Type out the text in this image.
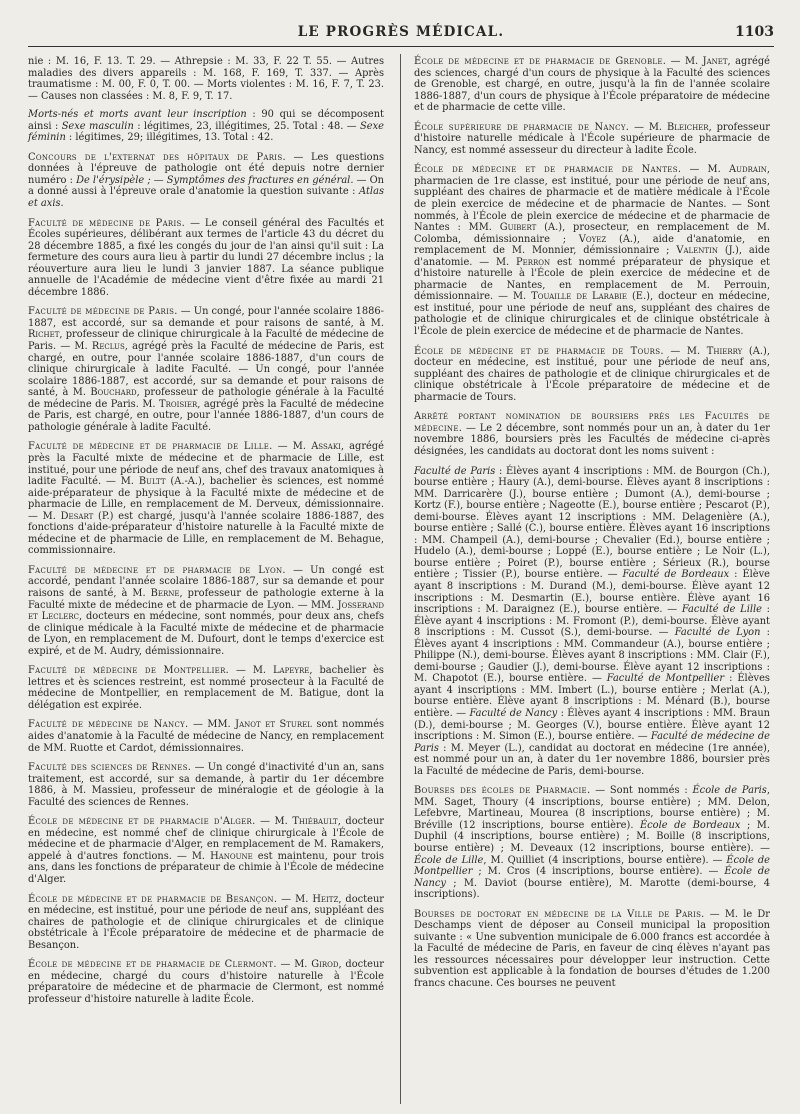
LE PROGRÈS MÉDICAL.	1103

nie : M. 16, F. 13. T. 29. — Athrepsie : M. 33, F. 22 T. 55. — Autres maladies des divers appareils : M. 168, F. 169, T. 337. — Après traumatisme : M. 00, F. 0, T. 00. — Morts violentes : M. 16, F. 7, T. 23. — Causes non classées : M. 8, F. 9, T. 17.

Morts-nés et morts avant leur inscription : 90 qui se décomposent ainsi : Sexe masculin : légitimes, 23, illégitimes, 25. Total : 48. — Sexe féminin : légitimes, 29; illégitimes, 13. Total : 42.

Concours de l'externat des hôpitaux de Paris. — Les questions données à l'épreuve de pathologie ont été depuis notre dernier numéro : De l'érysipèle ; — Symptômes des fractures en général. — On a donné aussi à l'épreuve orale d'anatomie la question suivante : Atlas et axis.

Faculté de médecine de Paris. — Le conseil général des Facultés et Écoles supérieures, délibérant aux termes de l'article 43 du décret du 28 décembre 1885, a fixé les congés du jour de l'an ainsi qu'il suit : La fermeture des cours aura lieu à partir du lundi 27 décembre inclus ; la réouverture aura lieu le lundi 3 janvier 1887. La séance publique annuelle de l'Académie de médecine vient d'être fixée au mardi 21 décembre 1886.

Faculté de médecine de Paris. — Un congé, pour l'année scolaire 1886-1887, est accordé, sur sa demande et pour raisons de santé, à M. Richet, professeur de clinique chirurgicale à la Faculté de médecine de Paris. — M. Reclus, agrégé près la Faculté de médecine de Paris, est chargé, en outre, pour l'année scolaire 1886-1887, d'un cours de clinique chirurgicale à ladite Faculté. — Un congé, pour l'année scolaire 1886-1887, est accordé, sur sa demande et pour raisons de santé, à M. Bouchard, professeur de pathologie générale à la Faculté de médecine de Paris. M. Troisier, agrégé près la Faculté de médecine de Paris, est chargé, en outre, pour l'année 1886-1887, d'un cours de pathologie générale à ladite Faculté.

Faculté de médecine et de pharmacie de Lille. — M. Assaki, agrégé près la Faculté mixte de médecine et de pharmacie de Lille, est institué, pour une période de neuf ans, chef des travaux anatomiques à ladite Faculté. — M. Bultt (A.-A.), bachelier ès sciences, est nommé aide-préparateur de physique à la Faculté mixte de médecine et de pharmacie de Lille, en remplacement de M. Derveux, démissionnaire. — M. Desart (P.) est chargé, jusqu'à l'année scolaire 1886-1887, des fonctions d'aide-préparateur d'histoire naturelle à la Faculté mixte de médecine et de pharmacie de Lille, en remplacement de M. Behague, commissionnaire.

Faculté de médecine et de pharmacie de Lyon. — Un congé est accordé, pendant l'année scolaire 1886-1887, sur sa demande et pour raisons de santé, à M. Berne, professeur de pathologie externe à la Faculté mixte de médecine et de pharmacie de Lyon. — MM. Josserand et Leclerc, docteurs en médecine, sont nommés, pour deux ans, chefs de clinique médicale à la Faculté mixte de médecine et de pharmacie de Lyon, en remplacement de M. Dufourt, dont le temps d'exercice est expiré, et de M. Audry, démissionnaire.

Faculté de médecine de Montpellier. — M. Lapeyre, bachelier ès lettres et ès sciences restreint, est nommé prosecteur à la Faculté de médecine de Montpellier, en remplacement de M. Batigue, dont la délégation est expirée.

Faculté de médecine de Nancy. — MM. Janot et Sturel sont nommés aides d'anatomie à la Faculté de médecine de Nancy, en remplacement de MM. Ruotte et Cardot, démissionnaires.

Faculté des sciences de Rennes. — Un congé d'inactivité d'un an, sans traitement, est accordé, sur sa demande, à partir du 1er décembre 1886, à M. Massieu, professeur de minéralogie et de géologie à la Faculté des sciences de Rennes.

École de médecine et de pharmacie d'Alger. — M. Thiébault, docteur en médecine, est nommé chef de clinique chirurgicale à l'École de médecine et de pharmacie d'Alger, en remplacement de M. Ramakers, appelé à d'autres fonctions. — M. Hanoune est maintenu, pour trois ans, dans les fonctions de préparateur de chimie à l'École de médecine d'Alger.

École de médecine et de pharmacie de Besançon. — M. Heitz, docteur en médecine, est institué, pour une période de neuf ans, suppléant des chaires de pathologie et de clinique chirurgicales et de clinique obstétricale à l'École préparatoire de médecine et de pharmacie de Besançon.

École de médecine et de pharmacie de Clermont. — M. Girod, docteur en médecine, chargé du cours d'histoire naturelle à l'École préparatoire de médecine et de pharmacie de Clermont, est nommé professeur d'histoire naturelle à ladite École.

École de médecine et de pharmacie de Grenoble. — M. Janet, agrégé des sciences, chargé d'un cours de physique à la Faculté des sciences de Grenoble, est chargé, en outre, jusqu'à la fin de l'année scolaire 1886-1887, d'un cours de physique à l'École préparatoire de médecine et de pharmacie de cette ville.

École supérieure de pharmacie de Nancy. — M. Bleicher, professeur d'histoire naturelle médicale à l'École supérieure de pharmacie de Nancy, est nommé assesseur du directeur à ladite École.

École de médecine et de pharmacie de Nantes. — M. Audrain, pharmacien de 1re classe, est institué, pour une période de neuf ans, suppléant des chaires de pharmacie et de matière médicale à l'École de plein exercice de médecine et de pharmacie de Nantes. — Sont nommés, à l'École de plein exercice de médecine et de pharmacie de Nantes : MM. Guibert (A.), prosecteur, en remplacement de M. Colomba, démissionnaire ; Voyez (A.), aide d'anatomie, en remplacement de M. Monnier, démissionnaire ; Valentin (J.), aide d'anatomie. — M. Perron est nommé préparateur de physique et d'histoire naturelle à l'École de plein exercice de médecine et de pharmacie de Nantes, en remplacement de M. Perrouin, démissionnaire. — M. Touaille de Larabie (E.), docteur en médecine, est institué, pour une période de neuf ans, suppléant des chaires de pathologie et de clinique chirurgicales et de clinique obstétricale à l'École de plein exercice de médecine et de pharmacie de Nantes.

École de médecine et de pharmacie de Tours. — M. Thierry (A.), docteur en médecine, est institué, pour une période de neuf ans, suppléant des chaires de pathologie et de clinique chirurgicales et de clinique obstétricale à l'École préparatoire de médecine et de pharmacie de Tours.

Arrêté portant nomination de boursiers près les Facultés de médecine. — Le 2 décembre, sont nommés pour un an, à dater du 1er novembre 1886, boursiers près les Facultés de médecine ci-après désignées, les candidats au doctorat dont les noms suivent :

Faculté de Paris : Élèves ayant 4 inscriptions : MM. de Bourgon (Ch.), bourse entière ; Haury (A.), demi-bourse. Élèves ayant 8 inscriptions : MM. Darricarère (J.), bourse entière ; Dumont (A.), demi-bourse ; Kortz (F.), bourse entière ; Nageotte (E.), bourse entière ; Pescarot (P.), demi-bourse. Élèves ayant 12 inscriptions : MM. Delagenière (A.), bourse entière ; Sallé (C.), bourse entière. Élèves ayant 16 inscriptions : MM. Champeil (A.), demi-bourse ; Chevalier (Ed.), bourse entière ; Hudelo (A.), demi-bourse ; Loppé (E.), bourse entière ; Le Noir (L.), bourse entière ; Poiret (P.), bourse entière ; Sérieux (R.), bourse entière ; Tissier (P.), bourse entière. — Faculté de Bordeaux : Élève ayant 8 inscriptions : M. Durand (M.), demi-bourse. Élève ayant 12 inscriptions : M. Desmartin (E.), bourse entière. Élève ayant 16 inscriptions : M. Daraignez (E.), bourse entière. — Faculté de Lille : Élève ayant 4 inscriptions : M. Fromont (P.), demi-bourse. Élève ayant 8 inscriptions : M. Cussot (S.), demi-bourse. — Faculté de Lyon : Élèves ayant 4 inscriptions : MM. Commandeur (A.), bourse entière ; Philippe (N.), demi-bourse. Élèves ayant 8 inscriptions : MM. Clair (F.), demi-bourse ; Gaudier (J.), demi-bourse. Élève ayant 12 inscriptions : M. Chapotot (E.), bourse entière. — Faculté de Montpellier : Élèves ayant 4 inscriptions : MM. Imbert (L.), bourse entière ; Merlat (A.), bourse entière. Élève ayant 8 inscriptions : M. Ménard (B.), bourse entière. — Faculté de Nancy : Élèves ayant 4 inscriptions : MM. Braun (D.), demi-bourse ; M. Georges (V.), bourse entière. Élève ayant 12 inscriptions : M. Simon (E.), bourse entière. — Faculté de médecine de Paris : M. Meyer (L.), candidat au doctorat en médecine (1re année), est nommé pour un an, à dater du 1er novembre 1886, boursier près la Faculté de médecine de Paris, demi-bourse.

Bourses des écoles de Pharmacie. — Sont nommés : École de Paris, MM. Saget, Thoury (4 inscriptions, bourse entière) ; MM. Delon, Lefebvre, Martineau, Mourea (8 inscriptions, bourse entière) ; M. Bréville (12 inscriptions, bourse entière). École de Bordeaux ; M. Duphil (4 inscriptions, bourse entière) ; M. Boille (8 inscriptions, bourse entière) ; M. Deveaux (12 inscriptions, bourse entière). — École de Lille, M. Quilliet (4 inscriptions, bourse entière). — École de Montpellier ; M. Cros (4 inscriptions, bourse entière). — École de Nancy ; M. Daviot (bourse entière), M. Marotte (demi-bourse, 4 inscriptions).

Bourses de doctorat en médecine de la Ville de Paris. — M. le Dr Deschamps vient de déposer au Conseil municipal la proposition suivante : « Une subvention municipale de 6.000 francs est accordée à la Faculté de médecine de Paris, en faveur de cinq élèves n'ayant pas les ressources nécessaires pour développer leur instruction. Cette subvention est applicable à la fondation de bourses d'études de 1.200 francs chacune. Ces bourses ne peuvent
